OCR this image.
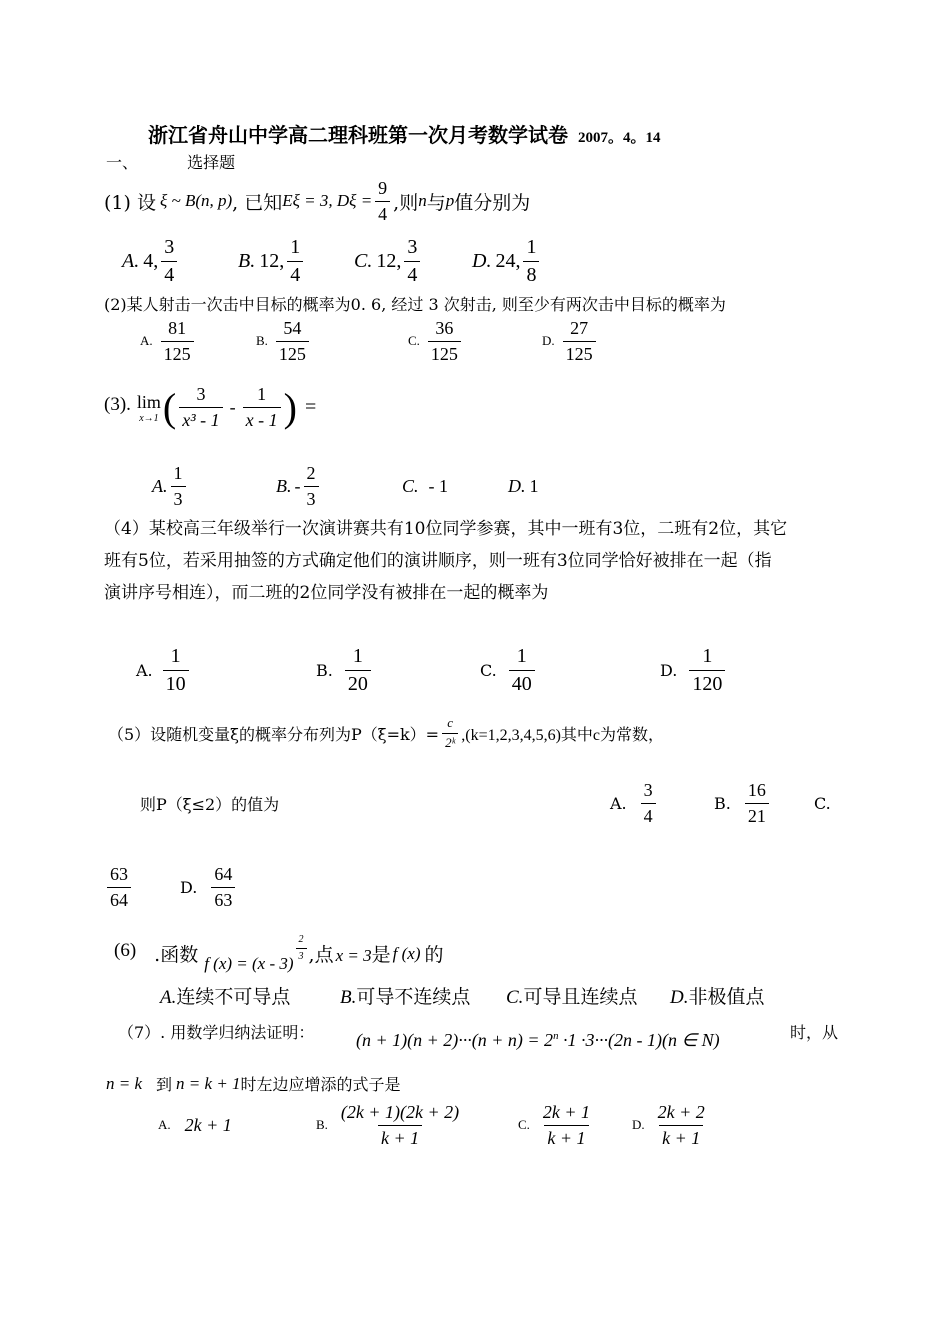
浙江省舟山中学高二理科班第一次月考数学试卷 2007。4。14
一、	选择题
(1) 设 ξ ~ B(n, p) , 已知 Eξ = 3, $D\xi = \frac{9}{4}$ ,则 n 与 p 值分别为
A. 4, $\frac{3}{4}$	B. 12, $\frac{1}{4}$	C. 12, $\frac{3}{4}$	D. 24, $\frac{1}{8}$
(2)某人射击一次击中目标的概率为0. 6, 经过 3 次射击, 则至少有两次击中目标的概率为
A. $\frac{81}{125}$	B. $\frac{54}{125}$	C. $\frac{36}{125}$	D. $\frac{27}{125}$
(3). lim
x→1 ( $\frac{3}{\text{x³ - 1}} - \frac{1}{x - 1}$ ) =
A. $\frac{1}{3}$	B. - $\frac{2}{3}$	C. - 1	D. 1
（4）某校高三年级举行一次演讲赛共有10位同学参赛，其中一班有3位，二班有2位，其它
班有5位，若采用抽签的方式确定他们的演讲顺序，则一班有3位同学恰好被排在一起（指
演讲序号相连），而二班的2位同学没有被排在一起的概率为
A. $\frac{1}{10}$	B. $\frac{1}{20}$	C. $\frac{1}{40}$	D. $\frac{1}{120}$
（5）设随机变量ξ的概率分布列为$P(\xi=k)= \frac{c}{\text{2ᵏ}} ,(k=1,2,3,4,5,6)$其中c为常数，
则P（ξ≤2）的值为	A. $\frac{3}{4}$	B. $\frac{16}{21}$	C.
63
64
D. $\frac{64}{63}$
(6) .函数 f (x) = (x - 3)
$\frac{2}{3}$ ,点 x = 3 是 f (x) 的
A.连续不可导点	B.可导不连续点	C.可导且连续点	D.非极值点
（7）. 用数学归纳法证明： $(n + 1)(n + 2)\cdot\cdot\cdot(n + n) = 2^n \cdot 1 \cdot 3\cdot\cdot\cdot(2n - 1)(n$ ∈ N)	时，从
n = k 到 n = k + 1 时左边应增添的式子是
A. 2k + 1	B. $\frac{(2k + 1)(2k + 2)}{k + 1}$	C. $\frac{2k + 1}{k + 1}$	D. $\frac{2k + 2}{k + 1}$
